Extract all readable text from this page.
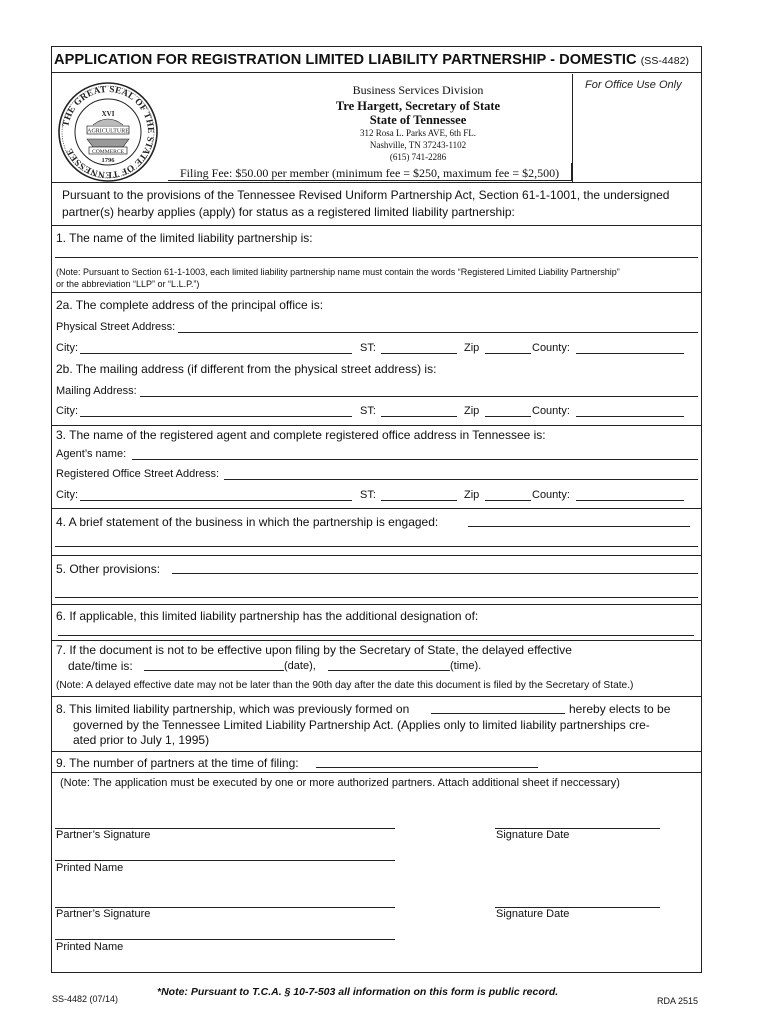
APPLICATION FOR REGISTRATION LIMITED LIABILITY PARTNERSHIP - DOMESTIC (SS-4482)
THE GREAT SEAL OF THE STATE OF TENNESSEE
XVI
AGRICULTURE
COMMERCE
1796
Business Services Division
Tre Hargett, Secretary of State
State of Tennessee
312 Rosa L. Parks AVE, 6th FL.
Nashville, TN 37243-1102
(615) 741-2286
For Office Use Only
Filing Fee: $50.00 per member (minimum fee = $250, maximum fee = $2,500)
Pursuant to the provisions of the Tennessee Revised Uniform Partnership Act, Section 61-1-1001, the undersigned
partner(s) hearby applies (apply) for status as a registered limited liability partnership:
1. The name of the limited liability partnership is:
(Note: Pursuant to Section 61-1-1003, each limited liability partnership name must contain the words “Registered Limited Liability Partnership”
or the abbreviation “LLP” or “L.L.P.”)
2a. The complete address of the principal office is:
Physical Street Address:
City:	ST:	Zip	County:
2b. The mailing address (if different from the physical street address) is:
Mailing Address:
City:	ST:	Zip	County:
3. The name of the registered agent and complete registered office address in Tennessee is:
Agent’s name:
Registered Office Street Address:
City:	ST:	Zip	County:
4. A brief statement of the business in which the partnership is engaged:
5. Other provisions:
6. If applicable, this limited liability partnership has the additional designation of:
7. If the document is not to be effective upon filing by the Secretary of State, the delayed effective
date/time is:	(date),	(time).
(Note: A delayed effective date may not be later than the 90th day after the date this document is filed by the Secretary of State.)
8. This limited liability partnership, which was previously formed on	hereby elects to be
governed by the Tennessee Limited Liability Partnership Act. (Applies only to limited liability partnerships cre-
ated prior to July 1, 1995)
9. The number of partners at the time of filing:
(Note: The application must be executed by one or more authorized partners. Attach additional sheet if neccessary)
Partner’s Signature	Signature Date
Printed Name
Partner’s Signature	Signature Date
Printed Name
*Note: Pursuant to T.C.A. § 10-7-503 all information on this form is public record.
SS-4482 (07/14)	RDA 2515
